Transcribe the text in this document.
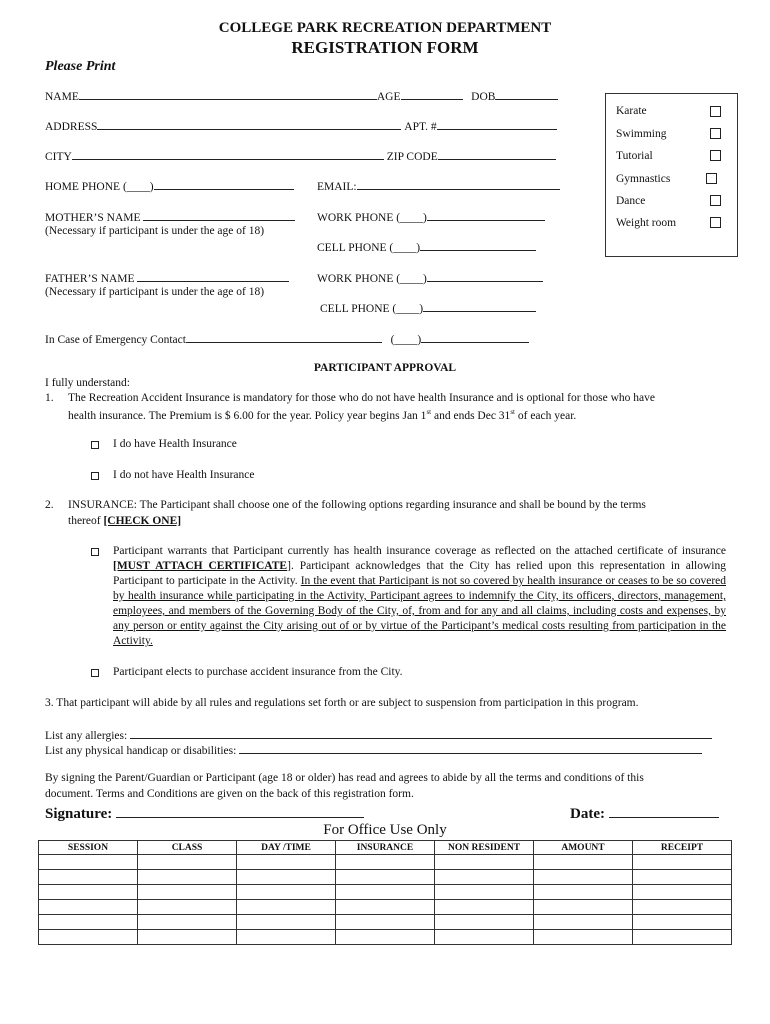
COLLEGE PARK RECREATION DEPARTMENT
REGISTRATION FORM
Please Print
NAME	AGE	DOB
ADDRESS	APT. #
CITY	ZIP CODE
HOME PHONE (____)	EMAIL:
MOTHER’S NAME
(Necessary if participant is under the age of 18)
WORK PHONE (____)
CELL PHONE (____)
FATHER’S NAME
(Necessary if participant is under the age of 18)
WORK PHONE (____)
CELL PHONE (____)
In Case of Emergency Contact	(____)
Karate
Swimming
Tutorial
Gymnastics
Dance
Weight room
PARTICIPANT APPROVAL
I fully understand:
1. The Recreation Accident Insurance is mandatory for those who do not have health Insurance and is optional for those who have
health insurance. The Premium is $ 6.00 for the year. Policy year begins Jan 1st and ends Dec 31st of each year.
I do have Health Insurance
I do not have Health Insurance
2. INSURANCE: The Participant shall choose one of the following options regarding insurance and shall be bound by the terms
thereof [CHECK ONE]
Participant warrants that Participant currently has health insurance coverage as reflected on the attached certificate of insurance [MUST ATTACH CERTIFICATE]. Participant acknowledges that the City has relied upon this representation in allowing Participant to participate in the Activity. In the event that Participant is not so covered by health insurance or ceases to be so covered by health insurance while participating in the Activity, Participant agrees to indemnify the City, its officers, directors, management, employees, and members of the Governing Body of the City, of, from and for any and all claims, including costs and expenses, by any person or entity against the City arising out of or by virtue of the Participant’s medical costs resulting from participation in the Activity.
Participant elects to purchase accident insurance from the City.
3. That participant will abide by all rules and regulations set forth or are subject to suspension from participation in this program.
List any allergies:
List any physical handicap or disabilities:
By signing the Parent/Guardian or Participant (age 18 or older) has read and agrees to abide by all the terms and conditions of this
document. Terms and Conditions are given on the back of this registration form.
Signature:	Date:
For Office Use Only
SESSION	CLASS	DAY /TIME	INSURANCE	NON RESIDENT	AMOUNT	RECEIPT
